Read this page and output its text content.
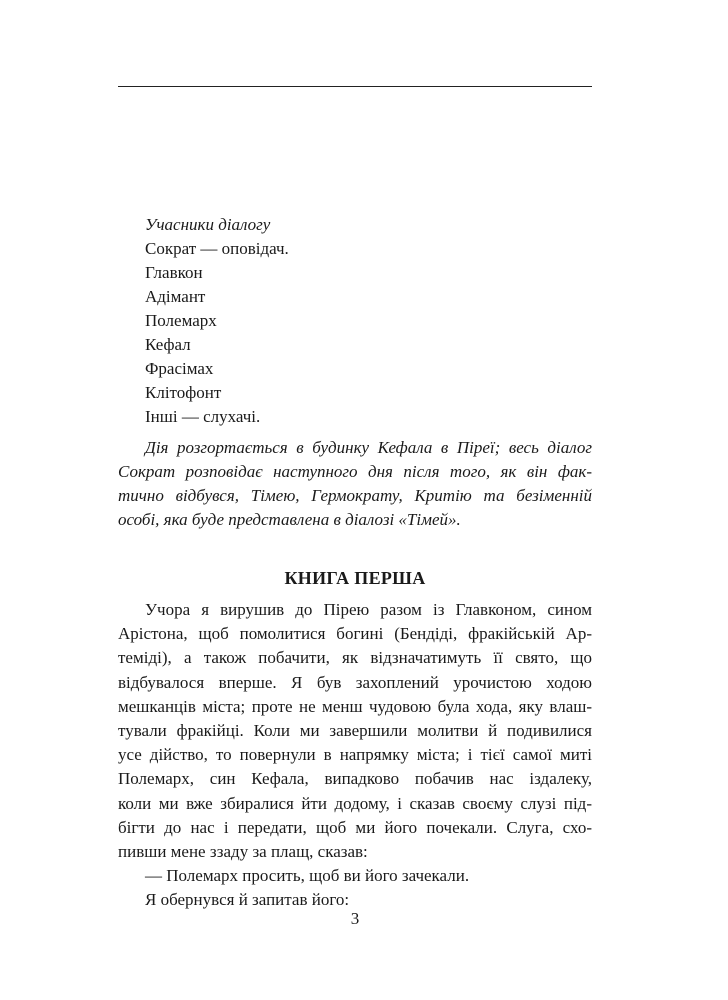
Учасники діалогу
Сократ — оповідач.
Главкон
Адімант
Полемарх
Кефал
Фрасімах
Клітофонт
Інші — слухачі.
Дія розгортається в будинку Кефала в Піреї; весь діалог
Сократ розповідає наступного дня після того, як він фак-
тично відбувся, Тімею, Гермократу, Критію та безіменній
особі, яка буде представлена в діалозі «Тімей».
КНИГА ПЕРША
Учора я вирушив до Пірею разом із Главконом, сином
Арістона, щоб помолитися богині (Бендіді, фракійській Ар-
теміді), а також побачити, як відзначатимуть її свято, що
відбувалося вперше. Я був захоплений урочистою ходою
мешканців міста; проте не менш чудовою була хода, яку влаш-
тували фракійці. Коли ми завершили молитви й подивилися
усе дійство, то повернули в напрямку міста; і тієї самої миті
Полемарх, син Кефала, випадково побачив нас іздалеку,
коли ми вже збиралися йти додому, і сказав своєму слузі під-
бігти до нас і передати, щоб ми його почекали. Слуга, схо-
пивши мене ззаду за плащ, сказав:
— Полемарх просить, щоб ви його зачекали.
Я обернувся й запитав його:
3
